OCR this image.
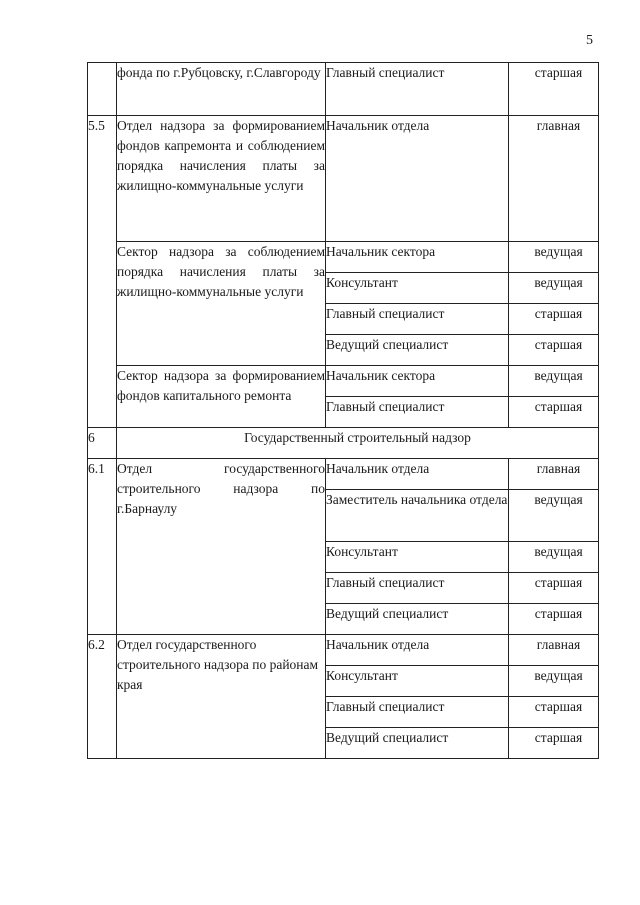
5
	фонда по г.Рубцовску, г.Славгороду	Главный специалист	старшая

5.5	Отдел надзора за формированием фондов капремонта и соблюдением порядка начисления платы за жилищно-коммунальные услуги	Начальник отдела	главная

	Сектор надзора за соблюдением порядка начисления платы за жилищно-коммунальные услуги	Начальник сектора	ведущая

		Консультант	ведущая

		Главный специалист	старшая

		Ведущий специалист	старшая

	Сектор надзора за формированием фондов капитального ремонта	Начальник сектора	ведущая

		Главный специалист	старшая

6	Государственный строительный надзор		
6.1	Отдел государственного строительного надзора по г.Барнаулу	Начальник отдела	главная

		Заместитель начальника отдела	ведущая

		Консультант	ведущая

		Главный специалист	старшая

		Ведущий специалист	старшая

6.2	Отдел государственного строительного надзора по районам края	Начальник отдела	главная

		Консультант	ведущая

		Главный специалист	старшая

		Ведущий специалист	старшая
